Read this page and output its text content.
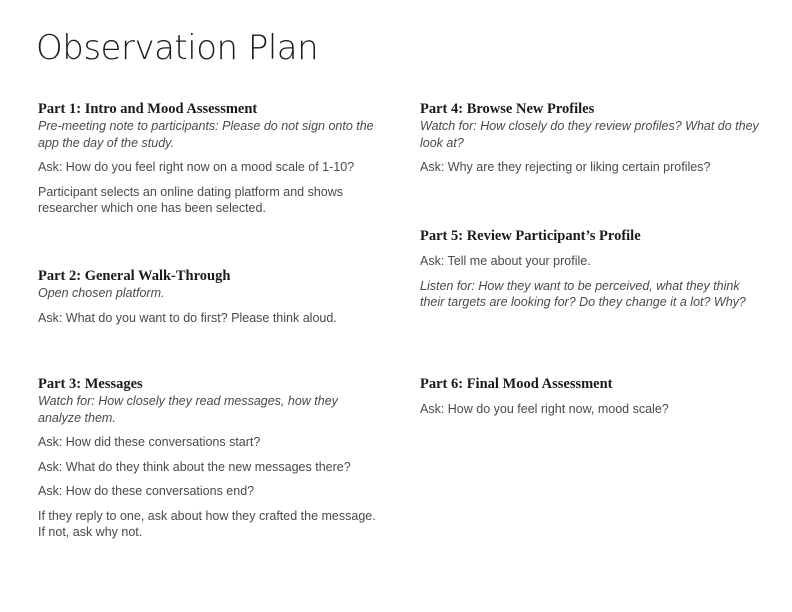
Observation Plan
Part 1: Intro and Mood Assessment

Pre-meeting note to participants: Please do not sign onto the app the day of the study.

Ask: How do you feel right now on a mood scale of 1-10?

Participant selects an online dating platform and shows researcher which one has been selected.

Part 2: General Walk-Through

Open chosen platform.

Ask: What do you want to do first? Please think aloud.

Part 3: Messages

Watch for: How closely they read messages, how they analyze them.

Ask: How did these conversations start?

Ask: What do they think about the new messages there?

Ask: How do these conversations end?

If they reply to one, ask about how they crafted the message. If not, ask why not.

Part 4: Browse New Profiles

Watch for: How closely do they review profiles? What do they look at?

Ask: Why are they rejecting or liking certain profiles?

Part 5: Review Participant’s Profile

Ask: Tell me about your profile.

Listen for: How they want to be perceived, what they think their targets are looking for? Do they change it a lot? Why?

Part 6: Final Mood Assessment

Ask: How do you feel right now, mood scale?
